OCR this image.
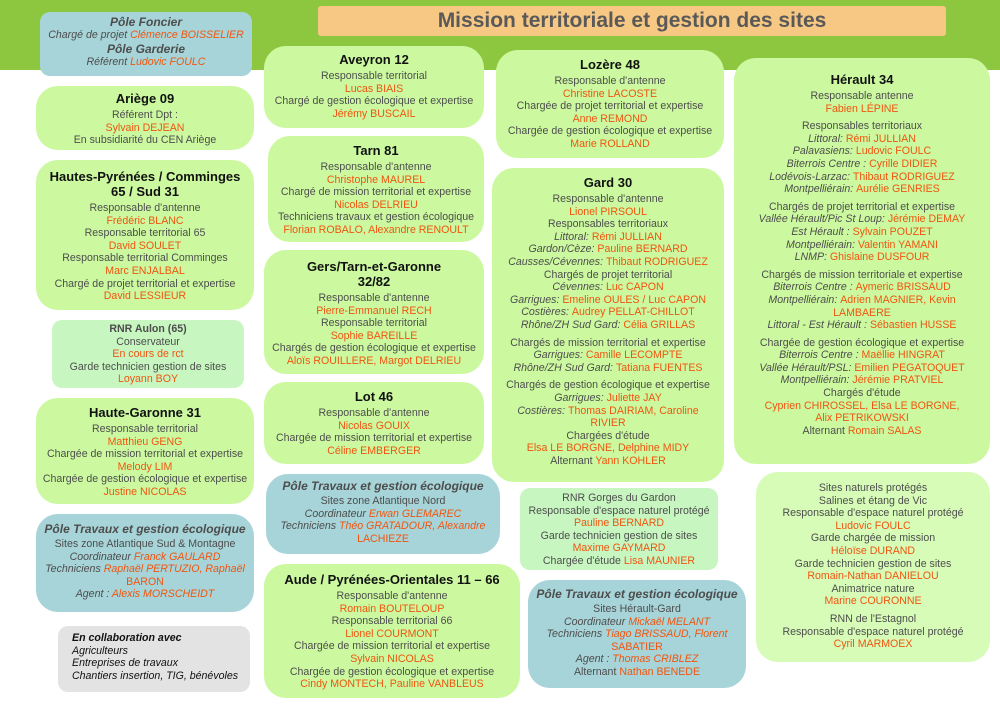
Mission territoriale et gestion des sites
Pôle Foncier
Chargé de projet Clémence BOISSELIER
Pôle Garderie
Référent Ludovic FOULC
Ariège 09
Référent Dpt :
Sylvain DEJEAN
En subsidiarité du CEN Ariège
Hautes-Pyrénées / Comminges 65 / Sud 31
Responsable d'antenne
Frédéric BLANC
Responsable territorial 65
David SOULET
Responsable territorial Comminges
Marc ENJALBAL
Chargé de projet territorial et expertise
David LESSIEUR
RNR Aulon (65)
Conservateur
En cours de rct
Garde technicien gestion de sites
Loyann BOY
Haute-Garonne 31
Responsable territorial
Matthieu GENG
Chargée de mission territorial et expertise
Melody LIM
Chargée de gestion écologique et expertise
Justine NICOLAS
Pôle Travaux et gestion écologique
Sites zone Atlantique Sud & Montagne
Coordinateur Franck GAULARD
Techniciens Raphaël PERTUZIO, Raphaël
BARON
Agent : Alexis MORSCHEIDT
En collaboration avec
Agriculteurs
Entreprises de travaux
Chantiers insertion, TIG, bénévoles
Aveyron 12
Responsable territorial
Lucas BIAIS
Chargé de gestion écologique et expertise
Jérémy BUSCAIL
Tarn 81
Responsable d'antenne
Christophe MAUREL
Chargé de mission territorial et expertise
Nicolas DELRIEU
Techniciens travaux et gestion écologique
Florian ROBALO, Alexandre RENOULT
Gers/Tarn-et-Garonne
32/82
Responsable d'antenne
Pierre-Emmanuel RECH
Responsable territorial
Sophie BAREILLE
Chargés de gestion écologique et expertise
Aloïs ROUILLERE, Margot DELRIEU
Lot 46
Responsable d'antenne
Nicolas GOUIX
Chargée de mission territorial et expertise
Céline EMBERGER
Pôle Travaux et gestion écologique
Sites zone Atlantique Nord
Coordinateur Erwan GLEMAREC
Techniciens Théo GRATADOUR, Alexandre
LACHIEZE
Aude / Pyrénées-Orientales 11 – 66
Responsable d'antenne
Romain BOUTELOUP
Responsable territorial 66
Lionel COURMONT
Chargée de mission territorial et expertise
Sylvain NICOLAS
Chargée de gestion écologique et expertise
Cindy MONTECH, Pauline VANBLEUS
Lozère 48
Responsable d'antenne
Christine LACOSTE
Chargée de projet territorial et expertise
Anne REMOND
Chargée de gestion écologique et expertise
Marie ROLLAND
Gard 30
Responsable d'antenne
Lionel PIRSOUL
Responsables territoriaux
Littoral: Rémi JULLIAN
Gardon/Cèze: Pauline BERNARD
Causses/Cévennes: Thibaut RODRIGUEZ
Chargés de projet territorial
Cévennes: Luc CAPON
Garrigues: Emeline OULES / Luc CAPON
Costières: Audrey PELLAT-CHILLOT
Rhône/ZH Sud Gard: Célia GRILLAS
Chargés de mission territorial et expertise
Garrigues: Camille LECOMPTE
Rhône/ZH Sud Gard: Tatiana FUENTES
Chargés de gestion écologique et expertise
Garrigues: Juliette JAY
Costières: Thomas DAIRIAM, Caroline
RIVIER
Chargées d'étude
Elsa LE BORGNE, Delphine MIDY
Alternant Yann KOHLER
RNR Gorges du Gardon
Responsable d'espace naturel protégé
Pauline BERNARD
Garde technicien gestion de sites
Maxime GAYMARD
Chargée d'étude Lisa MAUNIER
Pôle Travaux et gestion écologique
Sites Hérault-Gard
Coordinateur Mickaël MELANT
Techniciens Tiago BRISSAUD, Florent
SABATIER
Agent : Thomas CRIBLEZ
Alternant Nathan BENEDE
Hérault 34
Responsable antenne
Fabien LÉPINE
Responsables territoriaux
Littoral: Rémi JULLIAN
Palavasiens: Ludovic FOULC
Biterrois Centre : Cyrille DIDIER
Lodévois-Larzac: Thibaut RODRIGUEZ
Montpelliérain: Aurélie GENRIES
Chargés de projet territorial et expertise
Vallée Hérault/Pic St Loup: Jérémie DEMAY
Est Hérault : Sylvain POUZET
Montpelliérain: Valentin YAMANI
LNMP: Ghislaine DUSFOUR
Chargés de mission territoriale et expertise
Biterrois Centre : Aymeric BRISSAUD
Montpelliérain: Adrien MAGNIER, Kevin
LAMBAERE
Littoral - Est Hérault : Sébastien HUSSE
Chargée de gestion écologique et expertise
Biterrois Centre : Maëllie HINGRAT
Vallée Hérault/PSL: Emilien PEGATOQUET
Montpelliérain: Jérémie PRATVIEL
Chargés d'étude
Cyprien CHIROSSEL, Elsa LE BORGNE,
Alix PETRIKOWSKI
Alternant Romain SALAS
Sites naturels protégés
Salines et étang de Vic
Responsable d'espace naturel protégé
Ludovic FOULC
Garde chargée de mission
Héloïse DURAND
Garde technicien gestion de sites
Romain-Nathan DANIELOU
Animatrice nature
Marine COURONNE
RNN de l'Estagnol
Responsable d'espace naturel protégé
Cyril MARMOEX
